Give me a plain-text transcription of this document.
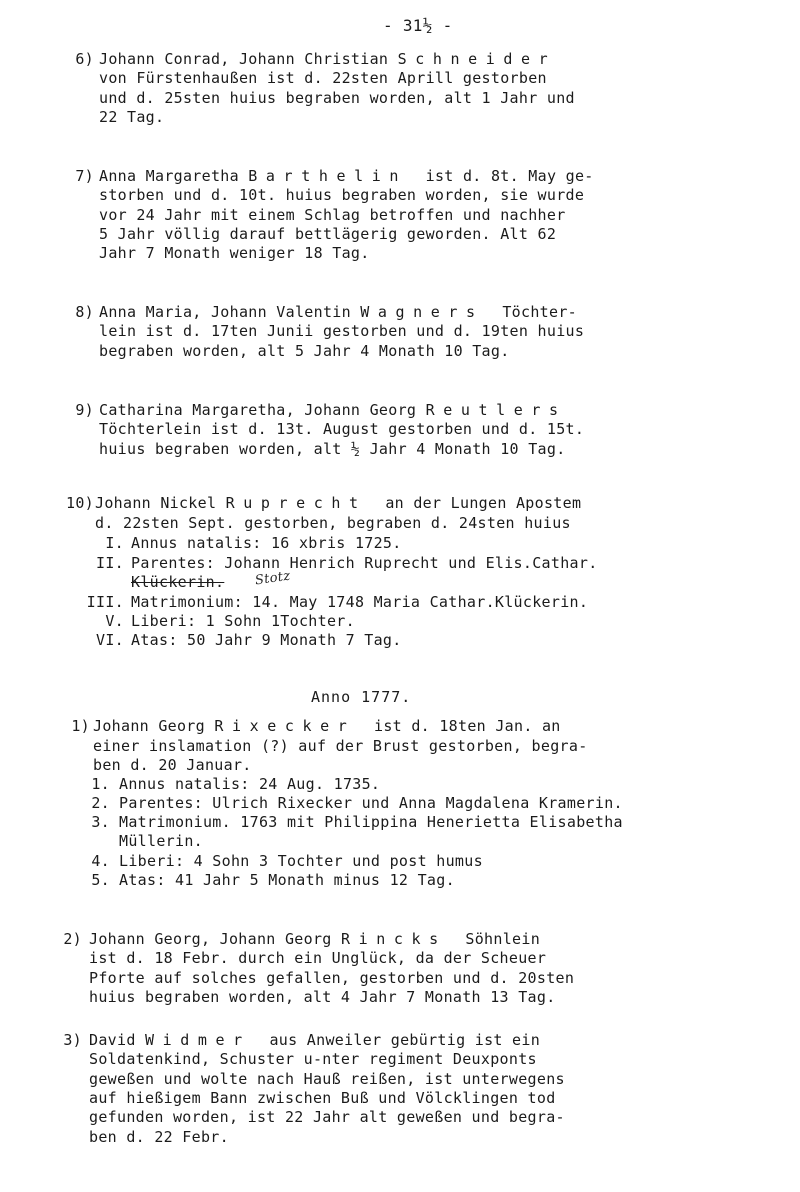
- 31½ -
6) Johann Conrad, Johann Christian Schneider
von Fürstenhaußen ist d. 22sten Aprill gestorben
und d. 25sten huius begraben worden, alt 1 Jahr und
22 Tag.
7) Anna Margaretha Barthelin  ist d. 8t. May ge-
storben und d. 10t. huius begraben worden, sie wurde
vor 24 Jahr mit einem Schlag betroffen und nachher
5 Jahr völlig darauf bettlägerig geworden. Alt 62
Jahr 7 Monath weniger 18 Tag.
8) Anna Maria, Johann Valentin Wagners  Töchter-
lein ist d. 17ten Junii gestorben und d. 19ten huius
begraben worden, alt 5 Jahr 4 Monath 10 Tag.
9) Catharina Margaretha, Johann Georg Reutlers
Töchterlein ist d. 13t. August gestorben und d. 15t.
huius begraben worden, alt ½ Jahr 4 Monath 10 Tag.
10) Johann Nickel Ruprecht  an der Lungen Apostem
d. 22sten Sept. gestorben, begraben d. 24sten huius
I. Annus natalis: 16 xbris 1725.
II. Parentes: Johann Henrich Ruprecht und Elis.Cathar.
III. Matrimonium: 14. May 1748 Maria Cathar.Klückerin.
V. Liberi: 1 Sohn 1Tochter.
VI. Atas: 50 Jahr 9 Monath 7 Tag.
Klückerin. Stotz
Anno 1777.
1) Johann Georg Rixecker  ist d. 18ten Jan. an
einer inslamation (?) auf der Brust gestorben, begra-
ben d. 20 Januar.
1. Annus natalis: 24 Aug. 1735.
2. Parentes: Ulrich Rixecker und Anna Magdalena Kramerin.
3. Matrimonium. 1763 mit Philippina Henerietta Elisabetha
Müllerin.
4. Liberi: 4 Sohn 3 Tochter und post humus
5. Atas: 41 Jahr 5 Monath minus 12 Tag.
2) Johann Georg, Johann Georg Rincks  Söhnlein
ist d. 18 Febr. durch ein Unglück, da der Scheuer
Pforte auf solches gefallen, gestorben und d. 20sten
huius begraben worden, alt 4 Jahr 7 Monath 13 Tag.
3) David Widmer  aus Anweiler gebürtig ist ein
Soldatenkind, Schuster u-nter regiment Deuxponts
geweßen und wolte nach Hauß reißen, ist unterwegens
auf hießigem Bann zwischen Buß und Völcklingen tod
gefunden worden, ist 22 Jahr alt geweßen und begra-
ben d. 22 Febr.
